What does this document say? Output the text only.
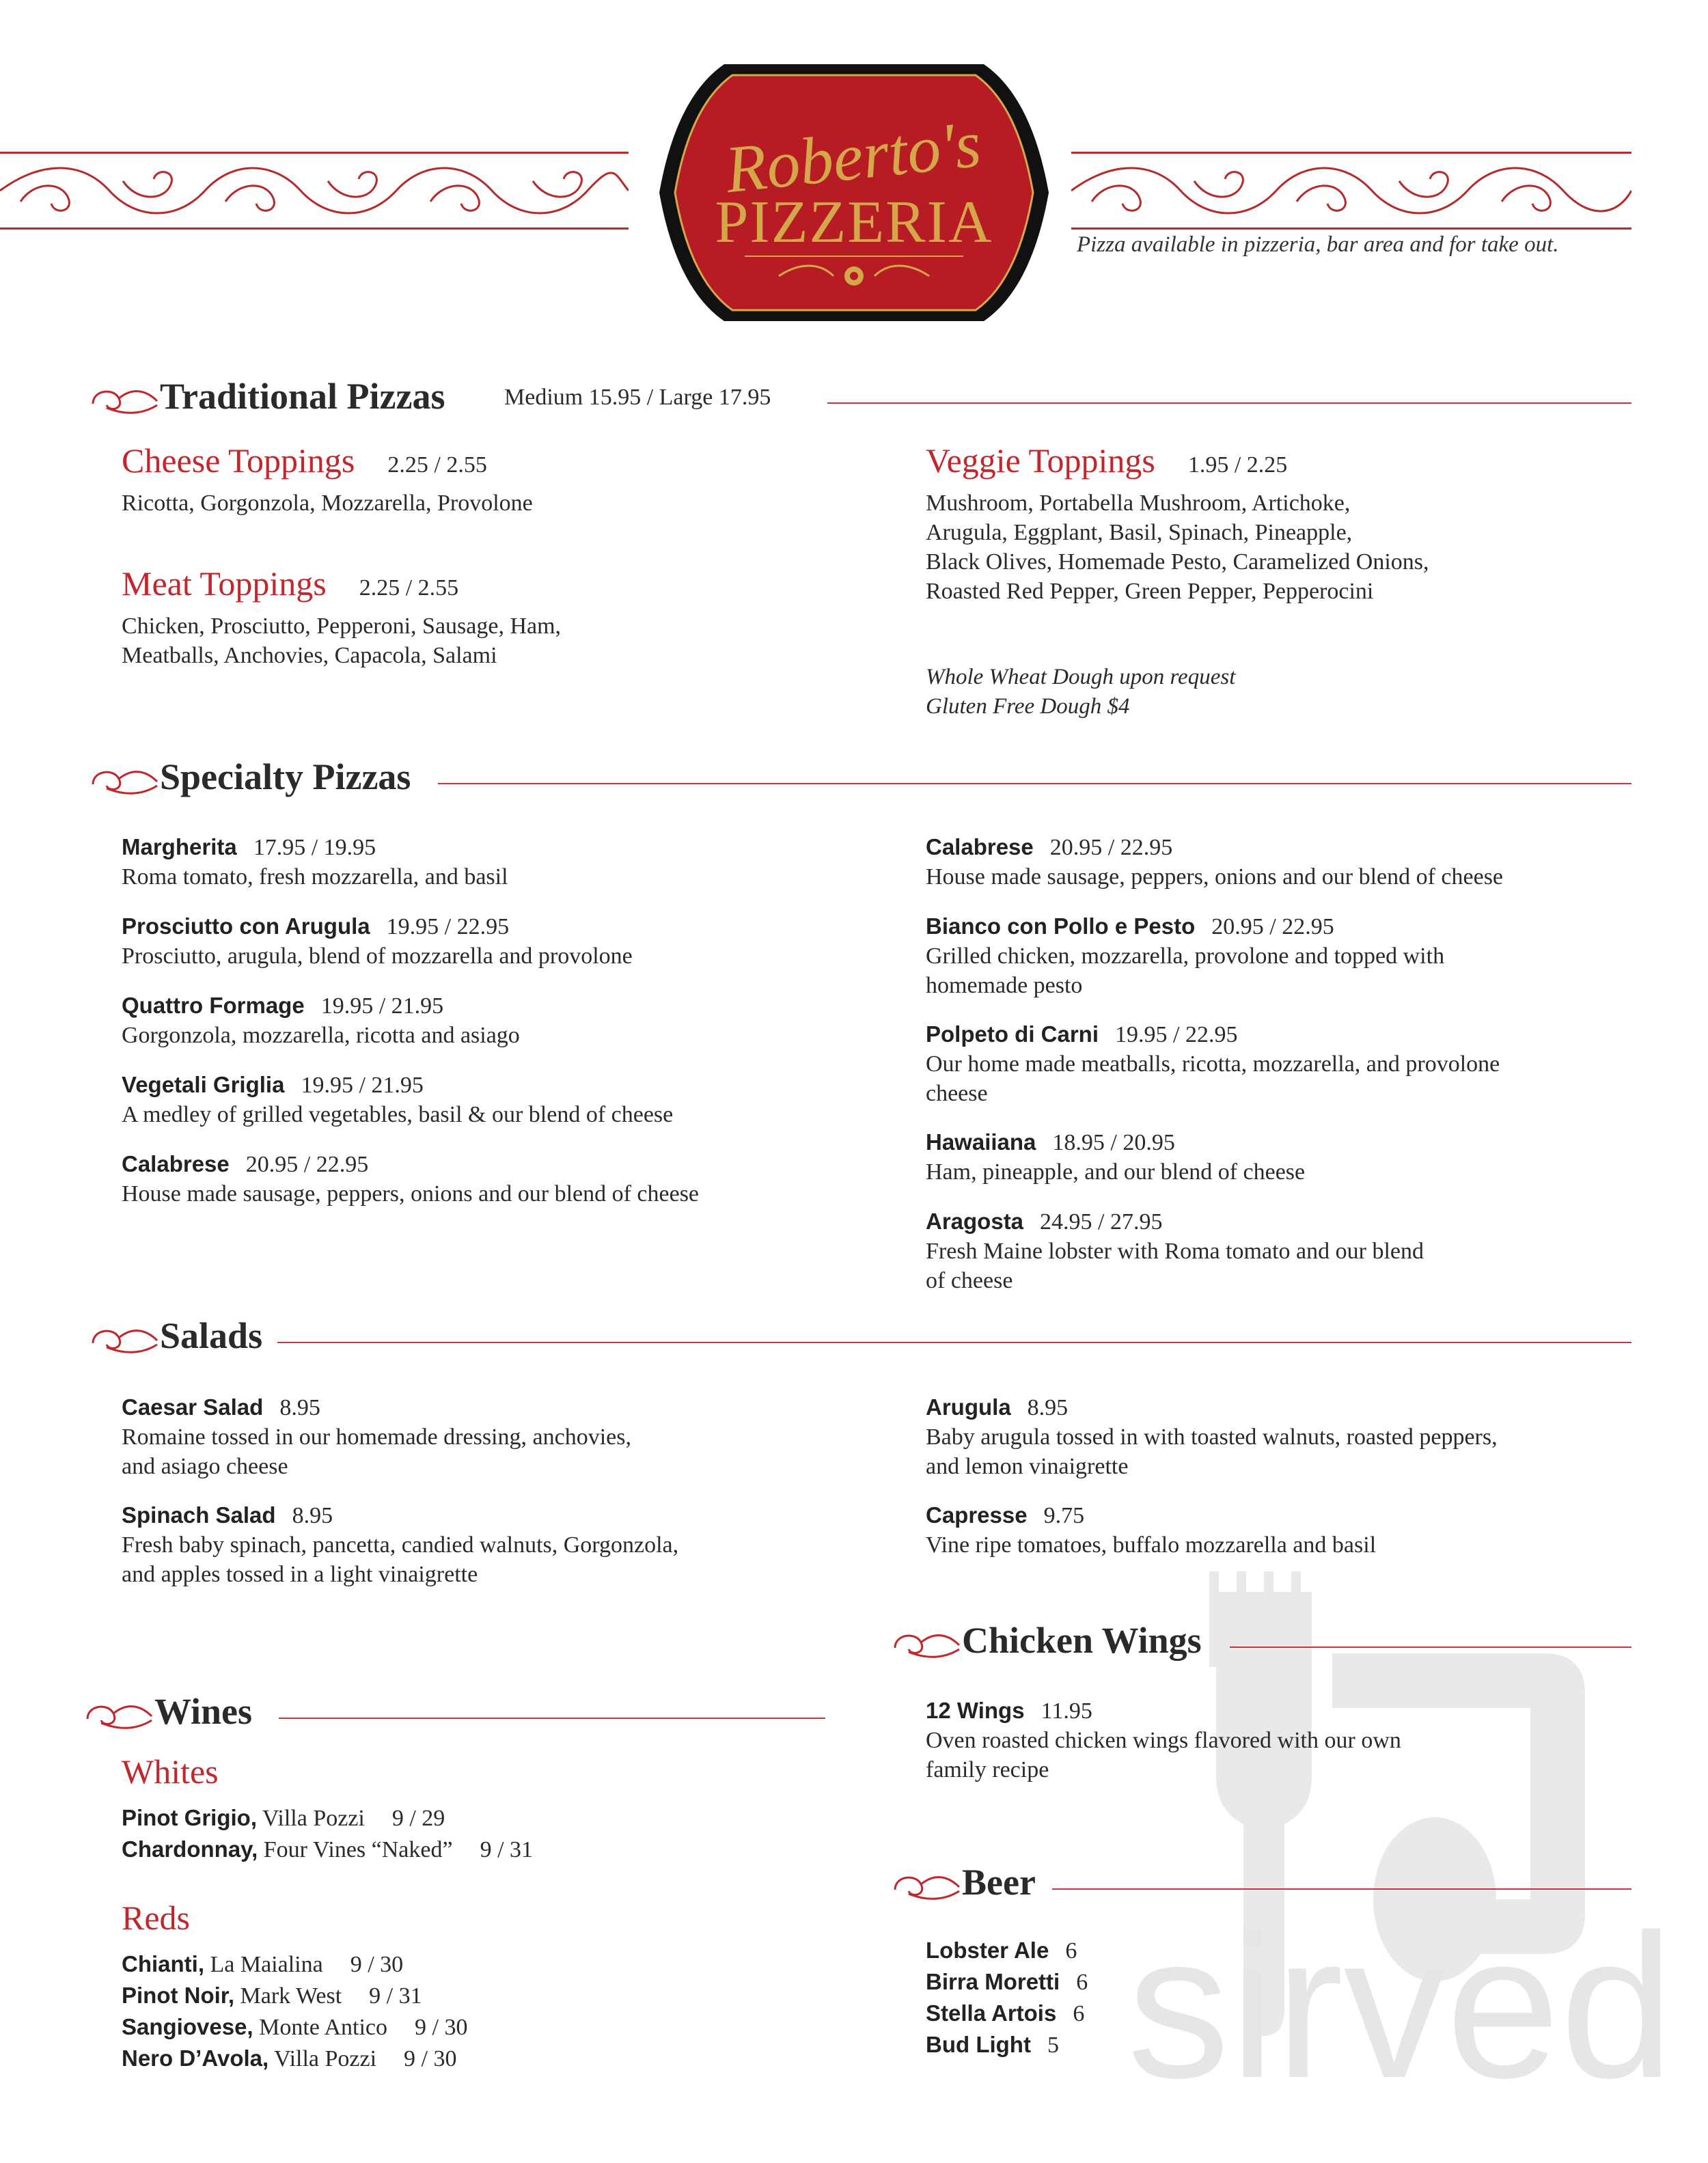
Roberto's
PIZZERIA	Pizza available in pizzeria, bar area and for take out.
Traditional Pizzas	Medium 15.95 / Large 17.95
Cheese Toppings 2.25 / 2.55
Ricotta, Gorgonzola, Mozzarella, Provolone
Meat Toppings 2.25 / 2.55
Chicken, Prosciutto, Pepperoni, Sausage, Ham,
Meatballs, Anchovies, Capacola, Salami
Veggie Toppings 1.95 / 2.25
Mushroom, Portabella Mushroom, Artichoke,
Arugula, Eggplant, Basil, Spinach, Pineapple,
Black Olives, Homemade Pesto, Caramelized Onions,
Roasted Red Pepper, Green Pepper, Pepperocini
Whole Wheat Dough upon request
Gluten Free Dough $4
Specialty Pizzas
Margherita 17.95 / 19.95
Roma tomato, fresh mozzarella, and basil
Prosciutto con Arugula 19.95 / 22.95
Prosciutto, arugula, blend of mozzarella and provolone
Quattro Formage 19.95 / 21.95
Gorgonzola, mozzarella, ricotta and asiago
Vegetali Griglia 19.95 / 21.95
A medley of grilled vegetables, basil & our blend of cheese
Calabrese 20.95 / 22.95
House made sausage, peppers, onions and our blend of cheese
Calabrese 20.95 / 22.95
House made sausage, peppers, onions and our blend of cheese
Bianco con Pollo e Pesto 20.95 / 22.95
Grilled chicken, mozzarella, provolone and topped with
homemade pesto
Polpeto di Carni 19.95 / 22.95
Our home made meatballs, ricotta, mozzarella, and provolone
cheese
Hawaiiana 18.95 / 20.95
Ham, pineapple, and our blend of cheese
Aragosta 24.95 / 27.95
Fresh Maine lobster with Roma tomato and our blend
of cheese
Salads
Caesar Salad 8.95
Romaine tossed in our homemade dressing, anchovies,
and asiago cheese
Spinach Salad 8.95
Fresh baby spinach, pancetta, candied walnuts, Gorgonzola,
and apples tossed in a light vinaigrette
Arugula 8.95
Baby arugula tossed in with toasted walnuts, roasted peppers,
and lemon vinaigrette
Capresse 9.75
Vine ripe tomatoes, buffalo mozzarella and basil
sirved
Chicken Wings
12 Wings 11.95
Oven roasted chicken wings flavored with our own
family recipe
Wines
Whites
Pinot Grigio, Villa Pozzi 9 / 29
Chardonnay, Four Vines “Naked” 9 / 31
Reds
Chianti, La Maialina 9 / 30
Pinot Noir, Mark West 9 / 31
Sangiovese, Monte Antico 9 / 30
Nero D’Avola, Villa Pozzi 9 / 30
Beer
Lobster Ale 6
Birra Moretti 6
Stella Artois 6
Bud Light 5
